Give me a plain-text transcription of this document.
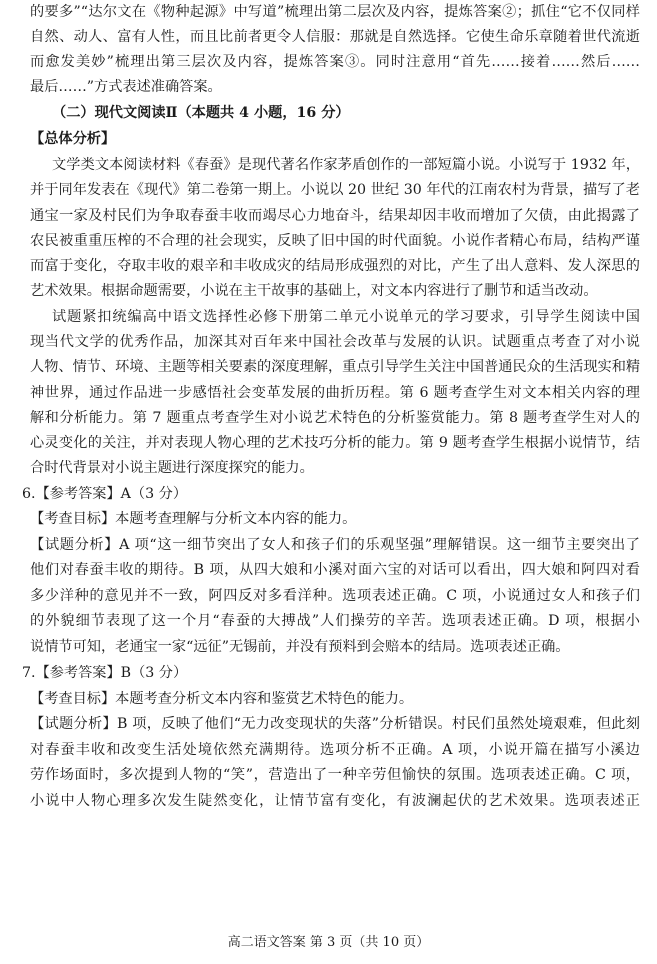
的要多”“达尔文在《物种起源》中写道”梳理出第二层次及内容，提炼答案②；抓住“它不仅同样
自然、动人、富有人性，而且比前者更令人信服：那就是自然选择。它使生命乐章随着世代流逝
而愈发美妙”梳理出第三层次及内容，提炼答案③。同时注意用“首先……接着……然后……
最后……”方式表述准确答案。
（二）现代文阅读Ⅱ（本题共 4 小题，16 分）
【总体分析】
文学类文本阅读材料《春蚕》是现代著名作家茅盾创作的一部短篇小说。小说写于 1932 年，
并于同年发表在《现代》第二卷第一期上。小说以 20 世纪 30 年代的江南农村为背景，描写了老
通宝一家及村民们为争取春蚕丰收而竭尽心力地奋斗，结果却因丰收而增加了欠债，由此揭露了
农民被重重压榨的不合理的社会现实，反映了旧中国的时代面貌。小说作者精心布局，结构严谨
而富于变化，夺取丰收的艰辛和丰收成灾的结局形成强烈的对比，产生了出人意料、发人深思的
艺术效果。根据命题需要，小说在主干故事的基础上，对文本内容进行了删节和适当改动。
试题紧扣统编高中语文选择性必修下册第二单元小说单元的学习要求，引导学生阅读中国
现当代文学的优秀作品，加深其对百年来中国社会改革与发展的认识。试题重点考查了对小说
人物、情节、环境、主题等相关要素的深度理解，重点引导学生关注中国普通民众的生活现实和精
神世界，通过作品进一步感悟社会变革发展的曲折历程。第 6 题考查学生对文本相关内容的理
解和分析能力。第 7 题重点考查学生对小说艺术特色的分析鉴赏能力。第 8 题考查学生对人的
心灵变化的关注，并对表现人物心理的艺术技巧分析的能力。第 9 题考查学生根据小说情节，结
合时代背景对小说主题进行深度探究的能力。
6.【参考答案】A（3 分）
【考查目标】本题考查理解与分析文本内容的能力。
【试题分析】A 项“这一细节突出了女人和孩子们的乐观坚强”理解错误。这一细节主要突出了
他们对春蚕丰收的期待。B 项，从四大娘和小溪对面六宝的对话可以看出，四大娘和阿四对看
多少洋种的意见并不一致，阿四反对多看洋种。选项表述正确。C 项，小说通过女人和孩子们
的外貌细节表现了这一个月“春蚕的大搏战”人们操劳的辛苦。选项表述正确。D 项，根据小
说情节可知，老通宝一家“远征”无锡前，并没有预料到会赔本的结局。选项表述正确。
7.【参考答案】B（3 分）
【考查目标】本题考查分析文本内容和鉴赏艺术特色的能力。
【试题分析】B 项，反映了他们“无力改变现状的失落”分析错误。村民们虽然处境艰难，但此刻
对春蚕丰收和改变生活处境依然充满期待。选项分析不正确。A 项，小说开篇在描写小溪边
劳作场面时，多次提到人物的“笑”，营造出了一种辛劳但愉快的氛围。选项表述正确。C 项，
小说中人物心理多次发生陡然变化，让情节富有变化，有波澜起伏的艺术效果。选项表述正
高二语文答案 第 3 页（共 10 页）
